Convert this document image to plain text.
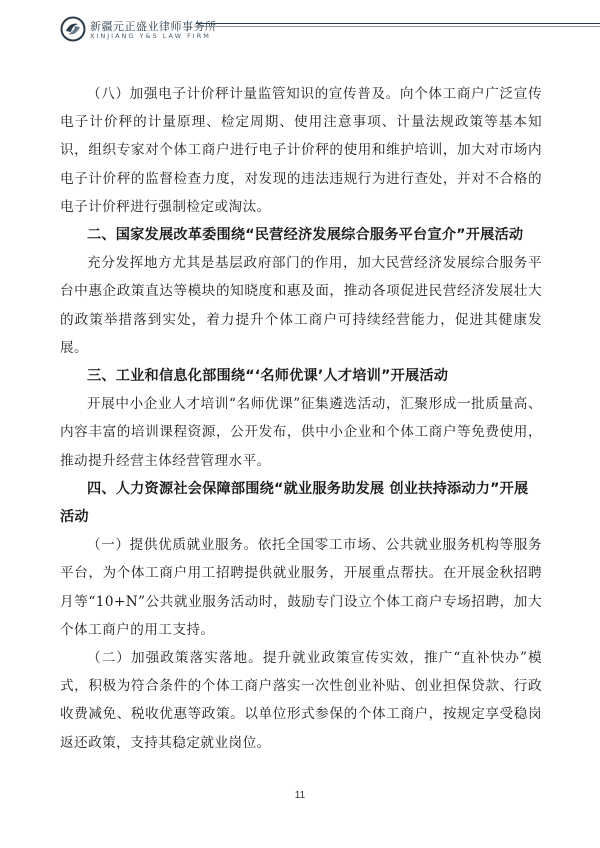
新疆元正盛业律师事务所
XINJIANG Y&S LAW FIRM

（八）加强电子计价秤计量监管知识的宣传普及。向个体工商户广泛宣传电子计价秤的计量原理、检定周期、使用注意事项、计量法规政策等基本知识，组织专家对个体工商户进行电子计价秤的使用和维护培训，加大对市场内电子计价秤的监督检查力度，对发现的违法违规行为进行查处，并对不合格的电子计价秤进行强制检定或淘汰。

二、国家发展改革委围绕“民营经济发展综合服务平台宣介”开展活动

充分发挥地方尤其是基层政府部门的作用，加大民营经济发展综合服务平台中惠企政策直达等模块的知晓度和惠及面，推动各项促进民营经济发展壮大的政策举措落到实处，着力提升个体工商户可持续经营能力，促进其健康发展。

三、工业和信息化部围绕“‘名师优课’人才培训”开展活动

开展中小企业人才培训“名师优课”征集遴选活动，汇聚形成一批质量高、内容丰富的培训课程资源，公开发布，供中小企业和个体工商户等免费使用，推动提升经营主体经营管理水平。

四、人力资源社会保障部围绕“就业服务助发展 创业扶持添动力”开展活动

（一）提供优质就业服务。依托全国零工市场、公共就业服务机构等服务平台，为个体工商户用工招聘提供就业服务，开展重点帮扶。在开展金秋招聘月等“10+N”公共就业服务活动时，鼓励专门设立个体工商户专场招聘，加大个体工商户的用工支持。

（二）加强政策落实落地。提升就业政策宣传实效，推广“直补快办”模式，积极为符合条件的个体工商户落实一次性创业补贴、创业担保贷款、行政收费减免、税收优惠等政策。以单位形式参保的个体工商户，按规定享受稳岗返还政策，支持其稳定就业岗位。

11
